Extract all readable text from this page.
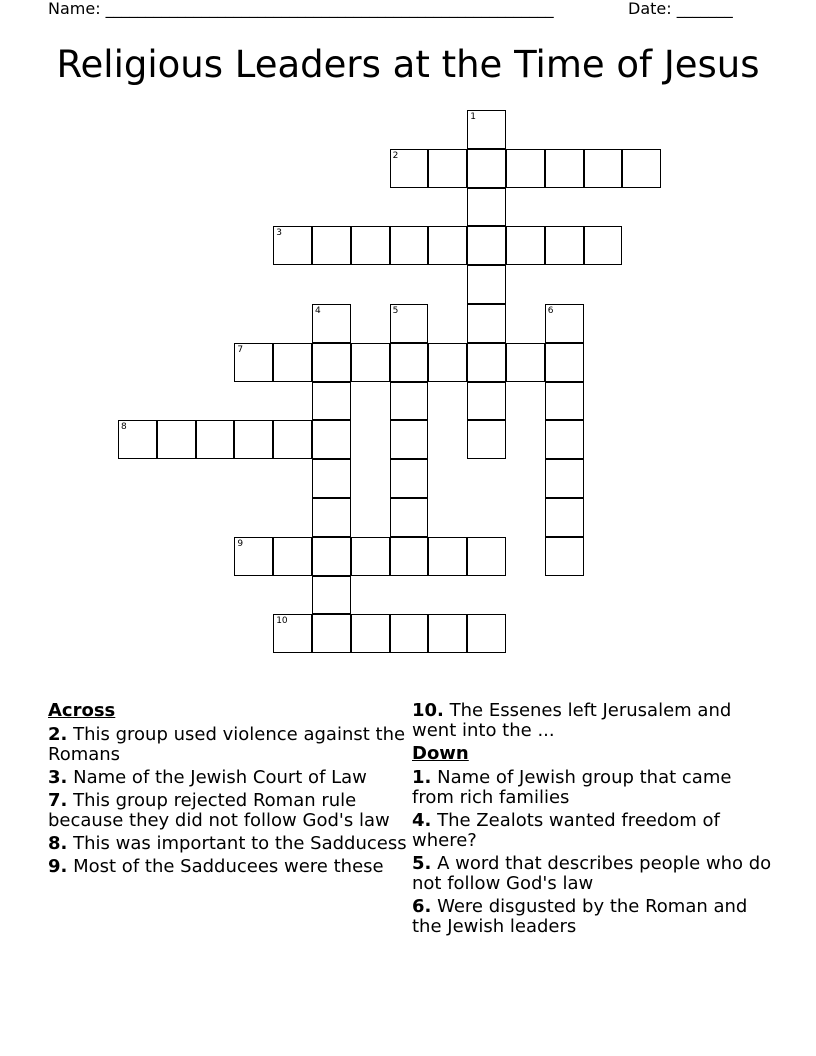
Name: ________________________________________________________	Date: _______
Religious Leaders at the Time of Jesus
1
2
3
4	5	6
7
8
9
10
Across
2. This group used violence against the Romans
3. Name of the Jewish Court of Law
7. This group rejected Roman rule because they did not follow God's law
8. This was important to the Sadducess
9. Most of the Sadducees were these
10. The Essenes left Jerusalem and went into the ...
Down
1. Name of Jewish group that came from rich families
4. The Zealots wanted freedom of where?
5. A word that describes people who do not follow God's law
6. Were disgusted by the Roman and the Jewish leaders
